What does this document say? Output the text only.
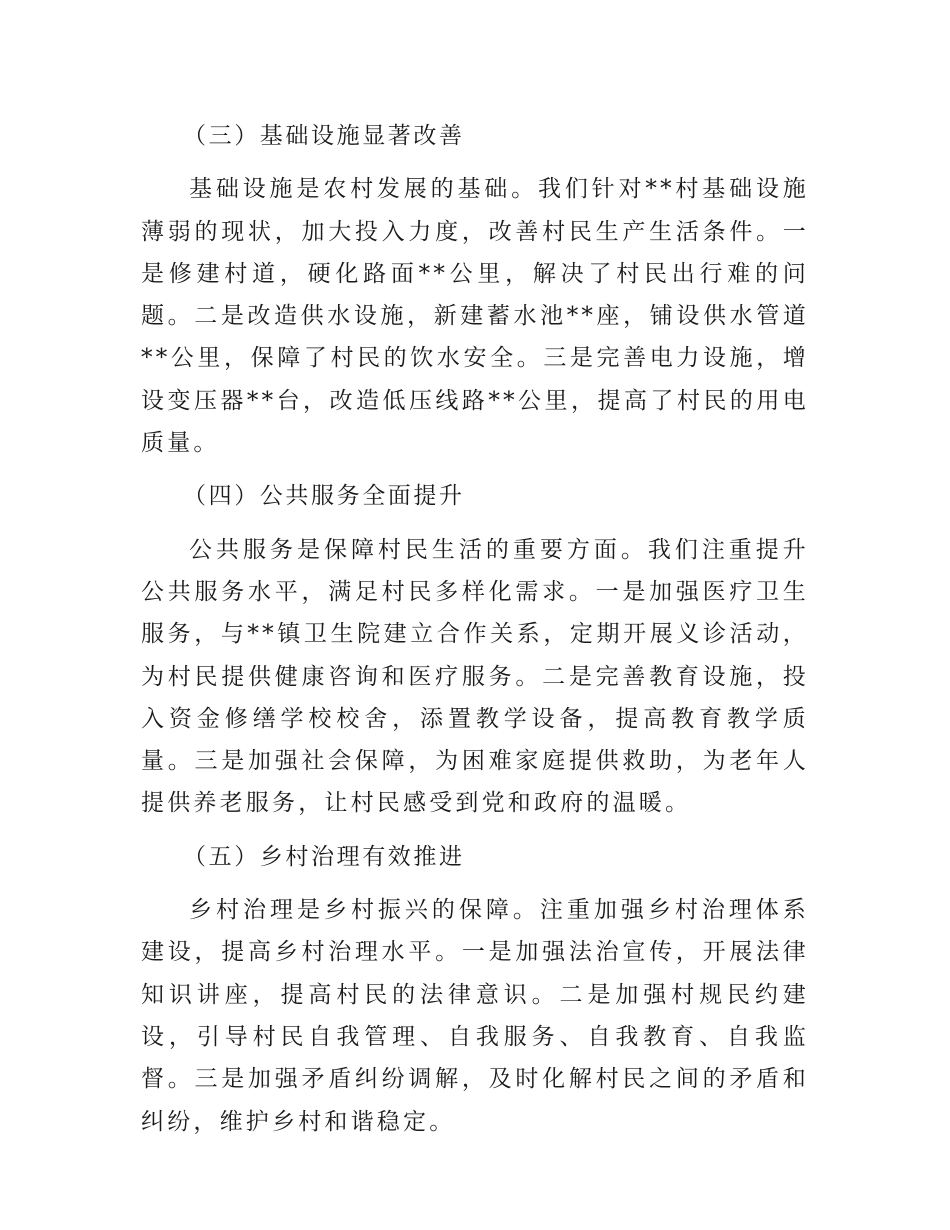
（三）基础设施显著改善
基础设施是农村发展的基础。我们针对**村基础设施薄弱的现状，加大投入力度，改善村民生产生活条件。一是修建村道，硬化路面**公里，解决了村民出行难的问题。二是改造供水设施，新建蓄水池**座，铺设供水管道**公里，保障了村民的饮水安全。三是完善电力设施，增设变压器**台，改造低压线路**公里，提高了村民的用电质量。
（四）公共服务全面提升
公共服务是保障村民生活的重要方面。我们注重提升公共服务水平，满足村民多样化需求。一是加强医疗卫生服务，与**镇卫生院建立合作关系，定期开展义诊活动，为村民提供健康咨询和医疗服务。二是完善教育设施，投入资金修缮学校校舍，添置教学设备，提高教育教学质量。三是加强社会保障，为困难家庭提供救助，为老年人提供养老服务，让村民感受到党和政府的温暖。
（五）乡村治理有效推进
乡村治理是乡村振兴的保障。注重加强乡村治理体系建设，提高乡村治理水平。一是加强法治宣传，开展法律知识讲座，提高村民的法律意识。二是加强村规民约建设，引导村民自我管理、自我服务、自我教育、自我监督。三是加强矛盾纠纷调解，及时化解村民之间的矛盾和纠纷，维护乡村和谐稳定。
